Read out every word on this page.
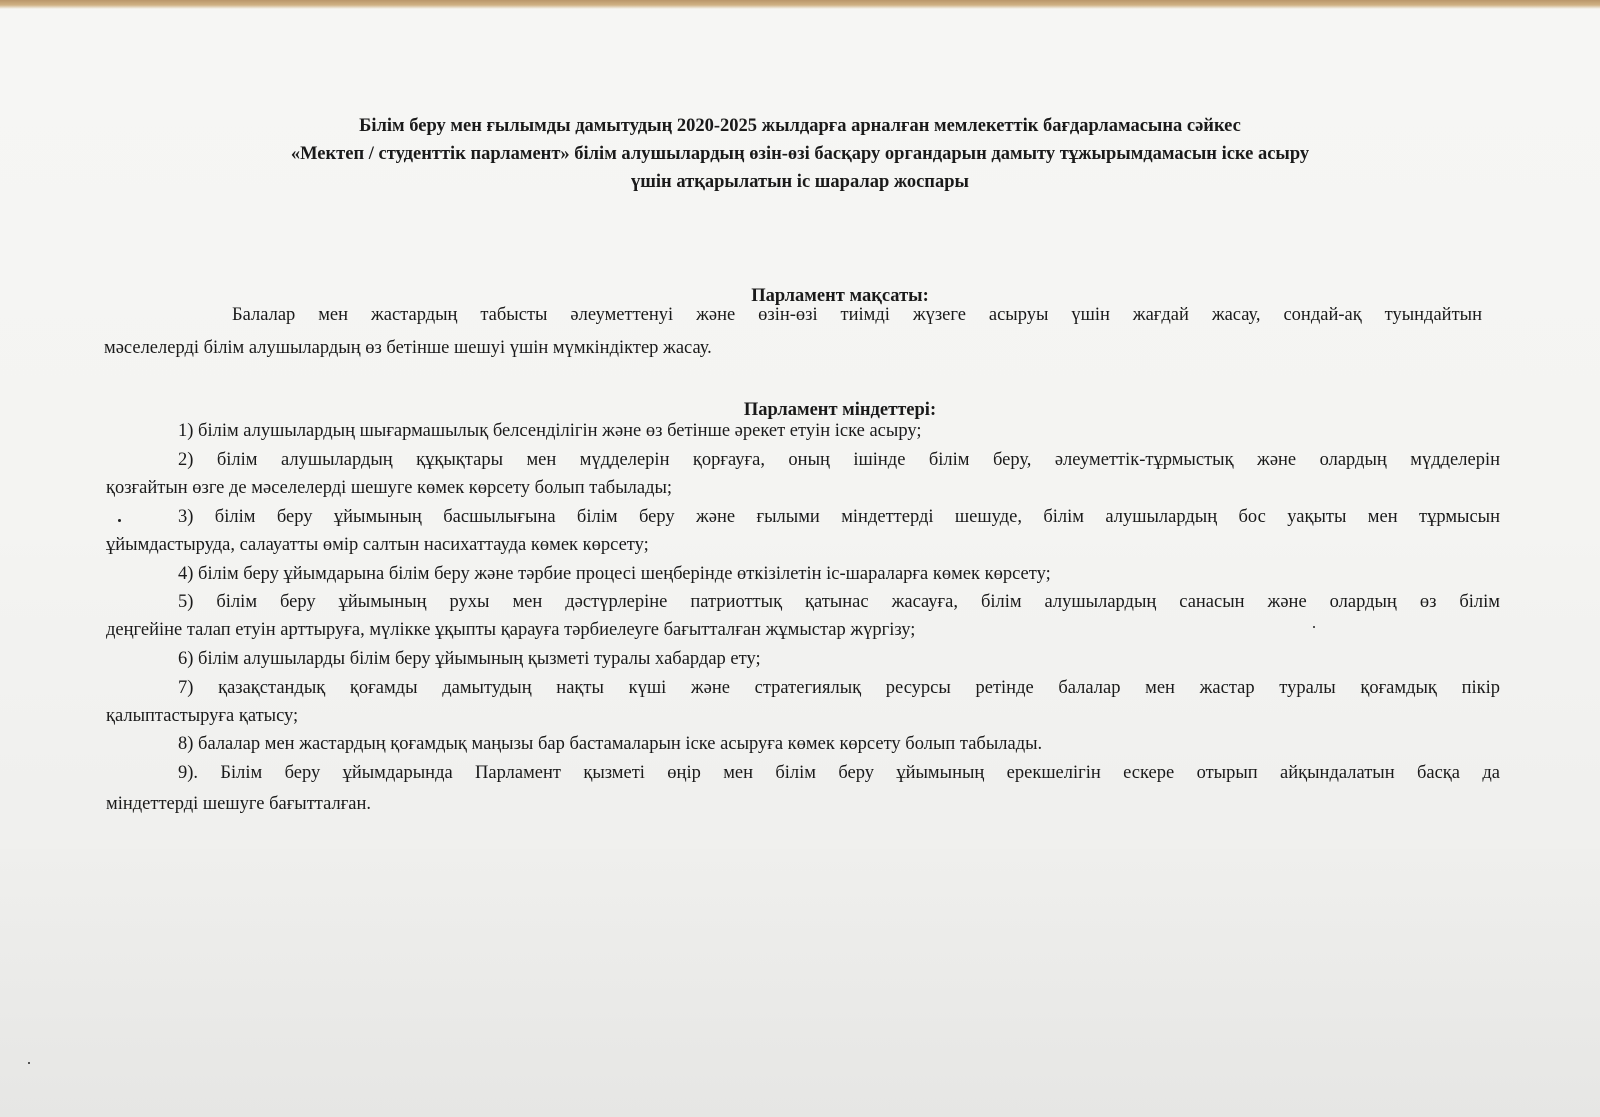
Білім беру мен ғылымды дамытудың 2020-2025 жылдарға арналған мемлекеттік бағдарламасына сәйкес
«Мектеп / студенттік парламент» білім алушылардың өзін-өзі басқару органдарын дамыту тұжырымдамасын іске асыру
үшін атқарылатын іс шаралар жоспары
Парламент мақсаты:
Балалар мен жастардың табысты әлеуметтенуі және өзін-өзі тиімді жүзеге асыруы үшін жағдай жасау, сондай-ақ туындайтын
мәселелерді білім алушылардың өз бетінше шешуі үшін мүмкіндіктер жасау.
Парламент міндеттері:
1) білім алушылардың шығармашылық белсенділігін және өз бетінше әрекет етуін іске асыру;
2) білім алушылардың құқықтары мен мүдделерін қорғауға, оның ішінде білім беру, әлеуметтік-тұрмыстық және олардың мүдделерін
қозғайтын өзге де мәселелерді шешуге көмек көрсету болып табылады;
3) білім беру ұйымының басшылығына білім беру және ғылыми міндеттерді шешуде, білім алушылардың бос уақыты мен тұрмысын
ұйымдастыруда, салауатты өмір салтын насихаттауда көмек көрсету;
4) білім беру ұйымдарына білім беру және тәрбие процесі шеңберінде өткізілетін іс-шараларға көмек көрсету;
5) білім беру ұйымының рухы мен дәстүрлеріне патриоттық қатынас жасауға, білім алушылардың санасын және олардың өз білім
деңгейіне талап етуін арттыруға, мүлікке ұқыпты қарауға тәрбиелеуге бағытталған жұмыстар жүргізу;
6) білім алушыларды білім беру ұйымының қызметі туралы хабардар ету;
7) қазақстандық қоғамды дамытудың нақты күші және стратегиялық ресурсы ретінде балалар мен жастар туралы қоғамдық пікір
қалыптастыруға қатысу;
8) балалар мен жастардың қоғамдық маңызы бар бастамаларын іске асыруға көмек көрсету болып табылады.
9). Білім беру ұйымдарында Парламент қызметі өңір мен білім беру ұйымының ерекшелігін ескере отырып айқындалатын басқа да
міндеттерді шешуге бағытталған.
